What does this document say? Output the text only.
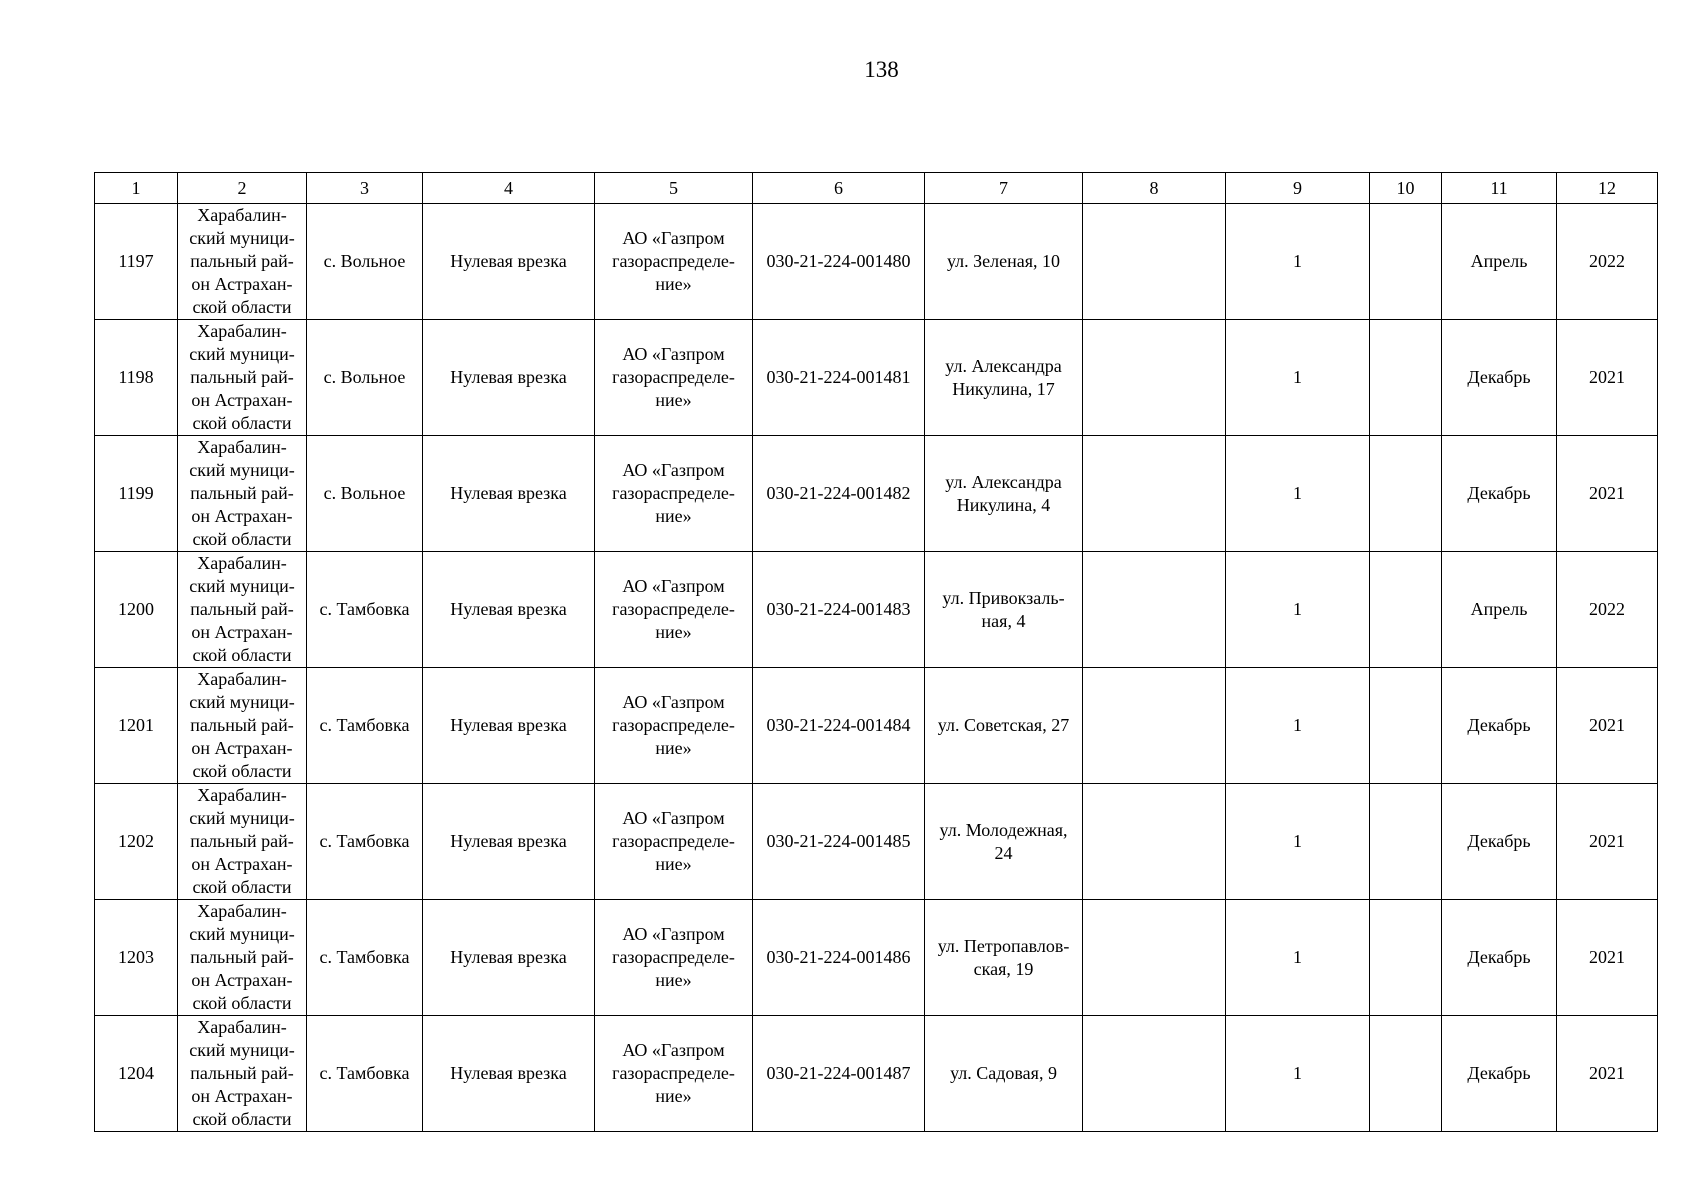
138
1	2	3	4	5	6	7	8	9	10	11	12
1197	Харабалин-
ский муници-
пальный рай-
он Астрахан-
ской области	с. Вольное	Нулевая врезка	АО «Газпром
газораспределе-
ние»	030-21-224-001480	ул. Зеленая, 10		1		Апрель	2022
1198	Харабалин-
ский муници-
пальный рай-
он Астрахан-
ской области	с. Вольное	Нулевая врезка	АО «Газпром
газораспределе-
ние»	030-21-224-001481	ул. Александра
Никулина, 17		1		Декабрь	2021
1199	Харабалин-
ский муници-
пальный рай-
он Астрахан-
ской области	с. Вольное	Нулевая врезка	АО «Газпром
газораспределе-
ние»	030-21-224-001482	ул. Александра
Никулина, 4		1		Декабрь	2021
1200	Харабалин-
ский муници-
пальный рай-
он Астрахан-
ской области	с. Тамбовка	Нулевая врезка	АО «Газпром
газораспределе-
ние»	030-21-224-001483	ул. Привокзаль-
ная, 4		1		Апрель	2022
1201	Харабалин-
ский муници-
пальный рай-
он Астрахан-
ской области	с. Тамбовка	Нулевая врезка	АО «Газпром
газораспределе-
ние»	030-21-224-001484	ул. Советская, 27		1		Декабрь	2021
1202	Харабалин-
ский муници-
пальный рай-
он Астрахан-
ской области	с. Тамбовка	Нулевая врезка	АО «Газпром
газораспределе-
ние»	030-21-224-001485	ул. Молодежная,
24		1		Декабрь	2021
1203	Харабалин-
ский муници-
пальный рай-
он Астрахан-
ской области	с. Тамбовка	Нулевая врезка	АО «Газпром
газораспределе-
ние»	030-21-224-001486	ул. Петропавлов-
ская, 19		1		Декабрь	2021
1204	Харабалин-
ский муници-
пальный рай-
он Астрахан-
ской области	с. Тамбовка	Нулевая врезка	АО «Газпром
газораспределе-
ние»	030-21-224-001487	ул. Садовая, 9		1		Декабрь	2021
